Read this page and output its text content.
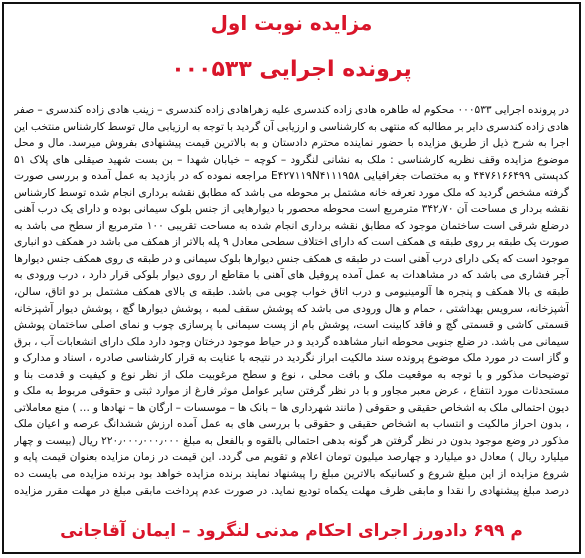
مزایده نوبت اول
پرونده اجرایی ۰۰۰۵۳۳

در پرونده اجرایی ۰۰۰۵۳۳ محکوم له طاهره هادی زاده کندسری علیه زهراهادی زاده کندسری – زینب هادی زاده کندسری – صفر هادی زاده کندسری دایر بر مطالبه که منتهی به کارشناسی و ارزیابی آن گردید با توجه به ارزیابی مال توسط کارشناس منتخب این اجرا به شرح ذیل از طریق مزایده با حضور نماینده محترم دادستان و به بالاترین قیمت پیشنهادی بفروش میرسد. مال و محل موضوع مزایده وقف نظریه کارشناسی : ملک به نشانی لنگرود – کوچه – خیابان شهدا – بن بست شهید صیقلی های پلاک ۵۱ کدپستی ۴۴۷۶۱۶۶۴۹۹ و به مختصات جغرافیایی E۴۲۷۱۱۹N۴۱۱۱۹۵۸ مراجعه نموده که در بازدید به عمل آمده و بررسی صورت گرفته مشخص گردید که ملک مورد تعرفه خانه مشتمل بر محوطه می باشد که مطابق نقشه برداری انجام شده توسط کارشناس نقشه بردار ی مساحت آن ۳۴۲٫۷۰ مترمربع است محوطه محصور با دیوارهایی از جنس بلوک سیمانی بوده و دارای یک درب آهنی درضلع شرقی است ساختمان موجود که مطابق نقشه برداری انجام شده به مساحت تقریبی ۱۰۰ مترمربع از سطح می باشد به صورت یک طبقه بر روی طبقه ی همکف است که دارای اختلاف سطحی معادل ۹ پله بالاتر از همکف می باشد در همکف دو انباری موجود است که یکی دارای درب آهنی است در طبقه ی همکف جنس دیوارها بلوک سیمانی و در طبقه ی روی همکف جنس دیوارها آجر فشاری می باشد که در مشاهدات به عمل آمده پروفیل های آهنی با مقاطع ار روی دیوار بلوکی قرار دارد ، درب ورودی به طبقه ی بالا همکف و پنجره ها آلومینیومی و درب اتاق خواب چوبی می باشد. طبقه ی بالای همکف مشتمل بر دو اتاق، سالن، آشپزخانه، سرویس بهداشتی ، حمام و هال ورودی می باشد که پوشش سقف لمبه ، پوشش دیوارها گچ ، پوشش دیوار آشپزخانه قسمتی کاشی و قسمتی گچ و فاقد کابینت است، پوشش بام از پست سیمانی با پرسازی چوب و نمای اصلی ساختمان پوشش سیمانی می باشد. در ضلع جنوبی محوطه انبار مشاهده گردید و در حیاط موجود درختان وجود دارد ملک دارای انشعابات آب ، برق و گاز است در مورد ملک موضوع پرونده سند مالکیت ابراز نگردید در نتیجه با عنایت به قرار کارشناسی صادره ، اسناد و مدارک و توضیحات مذکور و با توجه به موقعیت ملک و بافت محلی ، نوع و سطح مرغوبیت ملک از نظر نوع و کیفیت و قدمت بنا و مستحدثات مورد انتفاع ، عرض معبر مجاور و با در نظر گرفتن سایر عوامل موثر فارغ از موارد ثبتی و حقوقی مربوط به ملک و دیون احتمالی ملک به اشخاص حقیقی و حقوقی ( مانند شهرداری ها – بانک ها – موسسات – ارگان ها – نهادها و … ) منع معاملاتی ، بدون احراز مالکیت و انتساب به اشخاص حقیقی و حقوقی با بررسی های به عمل آمده ارزش ششدانگ عرصه و اعیان ملک مذکور در وضع موجود بدون در نظر گرفتن هر گونه بدهی احتمالی بالقوه و بالفعل به مبلغ ۲۲۰٫۰۰۰٫۰۰۰٫۰۰۰ ریال (بیست و چهار میلیارد ریال ) معادل دو میلیارد و چهارصد میلیون تومان اعلام و تقویم می گردد. این قیمت در زمان مزایده بعنوان قیمت پایه و شروع مزایده از این مبلغ شروع و کسانیکه بالاترین مبلغ را پیشنهاد نمایند برنده مزایده خواهد بود برنده مزایده می بایست ده درصد مبلغ پیشنهادی را نقدا و مابقی ظرف مهلت یکماه تودیع نماید. در صورت عدم پرداخت مابقی مبلغ در مهلت مقرر مزایده

م ۶۹۹ دادورز اجرای احکام مدنی لنگرود – ایمان آقاجانی
